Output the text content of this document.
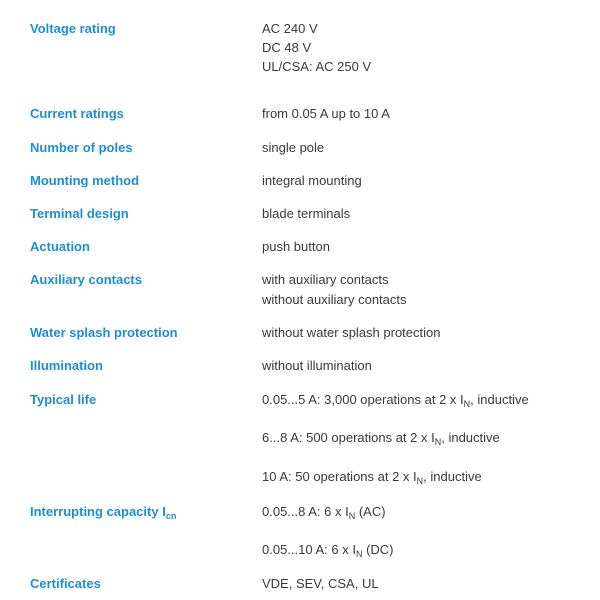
Voltage rating	AC 240 V
DC 48 V
UL/CSA: AC 250 V
Current ratings	from 0.05 A up to 10 A
Number of poles	single pole
Mounting method	integral mounting
Terminal design	blade terminals
Actuation	push button
Auxiliary contacts	with auxiliary contacts
without auxiliary contacts
Water splash protection	without water splash protection
Illumination	without illumination
Typical life	0.05...5 A: 3,000 operations at 2 x $I_N$, inductive
6...8 A: 500 operations at 2 x $I_N$, inductive
10 A: 50 operations at 2 x $I_N$, inductive
Interrupting capacity $I_{cn}$	0.05...8 A: 6 x $I_N$ (AC)
0.05...10 A: 6 x $I_N$ (DC)
Certificates	VDE, SEV, CSA, UL
